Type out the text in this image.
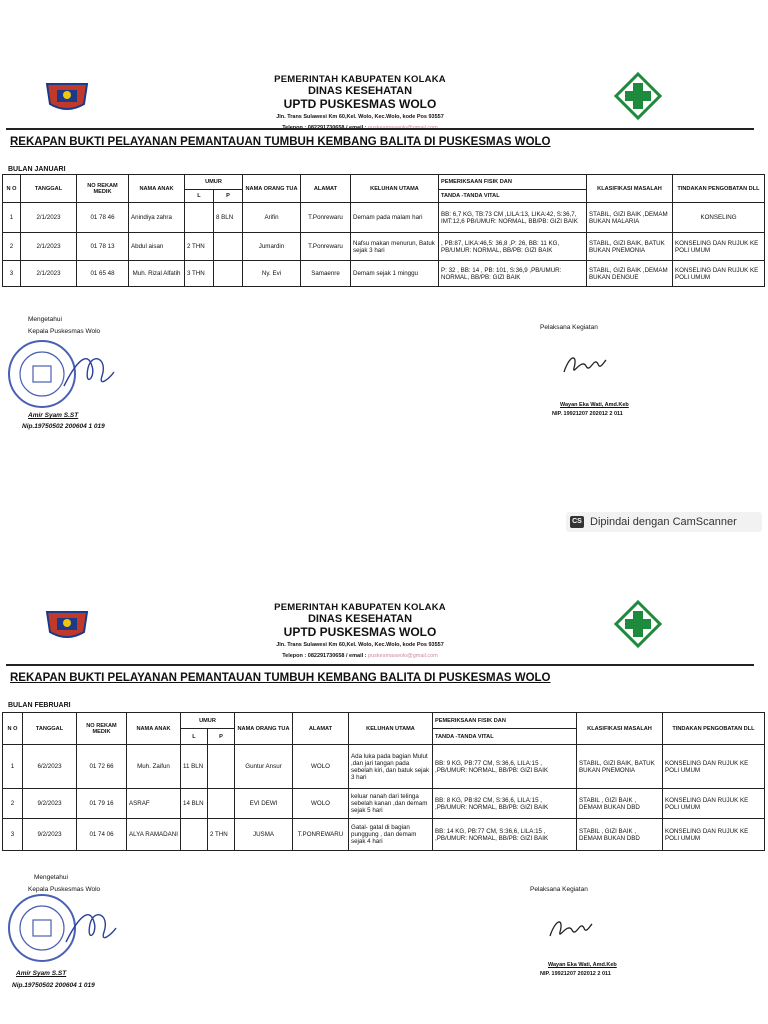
PEMERINTAH KABUPATEN KOLAKA
DINAS KESEHATAN
UPTD PUSKESMAS WOLO
Jln. Trans Sulawesi Km 60,Kel. Wolo, Kec.Wolo, kode Pos 93557
REKAPAN BUKTI PELAYANAN PEMANTAUAN TUMBUH KEMBANG BALITA DI PUSKESMAS WOLO
BULAN JANUARI
N O	TANGGAL	NO REKAM MEDIK	NAMA ANAK	UMUR		NAMA ORANG TUA	ALAMAT	KELUHAN UTAMA	PEMERIKSAAN FISIK DAN	KLASIFIKASI MASALAH	TINDAKAN PENGOBATAN DLL
				L	P				TANDA -TANDA VITAL		
1	2/1/2023	01 78 46	Anindiya zahra		8 BLN	Arifin	T.Ponrewaru	Demam pada malam hari	BB: 6,7 KG, TB:73 CM ,LILA:13, LIKA:42, S:36,7, IMT:12,6 PB/UMUR: NORMAL, BB/PB: GIZI BAIK	STABIL, GIZI BAIK ,DEMAM BUKAN MALARIA	KONSELING
2	2/1/2023	01 78 13	Abdul aisan	2 THN		Jumardin	T.Ponrewaru	Nafsu makan menurun, Batuk sejak 3 hari	, PB:87, LIKA:46,5: 36,8 ,P: 26, BB: 11 KG, PB/UMUR: NORMAL, BB/PB: GIZI BAIK	STABIL, GIZI BAIK, BATUK BUKAN PNEMONIA	KONSELING DAN RUJUK KE POLI UMUM
3	2/1/2023	01 65 48	Muh. Rizal Alfatih	3 THN		Ny. Evi	Samaenre	Demam sejak 1 minggu	P: 32 , BB: 14 , PB: 101, S:36,9 ,PB/UMUR: NORMAL, BB/PB: GIZI BAIK	STABIL, GIZI BAIK ,DEMAM BUKAN DENGUE	KONSELING DAN RUJUK KE POLI UMUM
Mengetahui
Kepala Puskesmas Wolo
Amir Syam S.ST
Nip.19750502 200604 1 019
Pelaksana Kegiatan
Wayan Eka Wati, Amd.Keb
NIP. 19921207 202012 2 011
CS Dipindai dengan CamScanner
PEMERINTAH KABUPATEN KOLAKA
DINAS KESEHATAN
UPTD PUSKESMAS WOLO
Jln. Trans Sulawesi Km 60,Kel. Wolo, Kec.Wolo, kode Pos 93557
Telepon : 082291730658 / email : puskesmaswolo@gmail.com
REKAPAN BUKTI PELAYANAN PEMANTAUAN TUMBUH KEMBANG BALITA DI PUSKESMAS WOLO
BULAN FEBRUARI
N O	TANGGAL	NO REKAM MEDIK	NAMA ANAK	UMUR		NAMA ORANG TUA	ALAMAT	KELUHAN UTAMA	PEMERIKSAAN FISIK DAN	KLASIFIKASI MASALAH	TINDAKAN PENGOBATAN DLL
				L	P				TANDA -TANDA VITAL		
1	6/2/2023	01 72 66	Muh. Zaifun	11 BLN		Guntur Ansur	WOLO	Ada luka pada bagian Mulut ,dan jari tangan pada sebelah kiri, dan batuk sejak 3 hari	BB: 9 KG, PB:77 CM, S:36,6, LILA:15 , ,PB/UMUR: NORMAL, BB/PB: GIZI BAIK	STABIL, GIZI BAIK, BATUK BUKAN PNEMONIA	KONSELING DAN RUJUK KE POLI UMUM
2	9/2/2023	01 79 16	ASRAF	14 BLN		EVI DEWI	WOLO	keluar nanah dari telinga sebelah kanan ,dan demam sejak 5 hari	BB: 8 KG, PB:82 CM, S:36,6, LILA:15 , ,PB/UMUR: NORMAL, BB/PB: GIZI BAIK	STABIL , GIZI BAIK , DEMAM BUKAN DBD	KONSELING DAN RUJUK KE POLI UMUM
3	9/2/2023	01 74 06	ALYA RAMADANI		2 THN	JUSMA	T.PONREWARU	Gatal- gatal di bagian punggung , dan demam sejak 4 hari	BB: 14 KG, PB:77 CM, S:36,6, LILA:15 , ,PB/UMUR: NORMAL, BB/PB: GIZI BAIK	STABIL , GIZI BAIK , DEMAM BUKAN DBD	KONSELING DAN RUJUK KE POLI UMUM
Mengetahui
Kepala Puskesmas Wolo
Amir Syam S.ST
Nip.19750502 200604 1 019
Pelaksana Kegiatan
Wayan Eka Wati, Amd.Keb
NIP. 19921207 202012 2 011
